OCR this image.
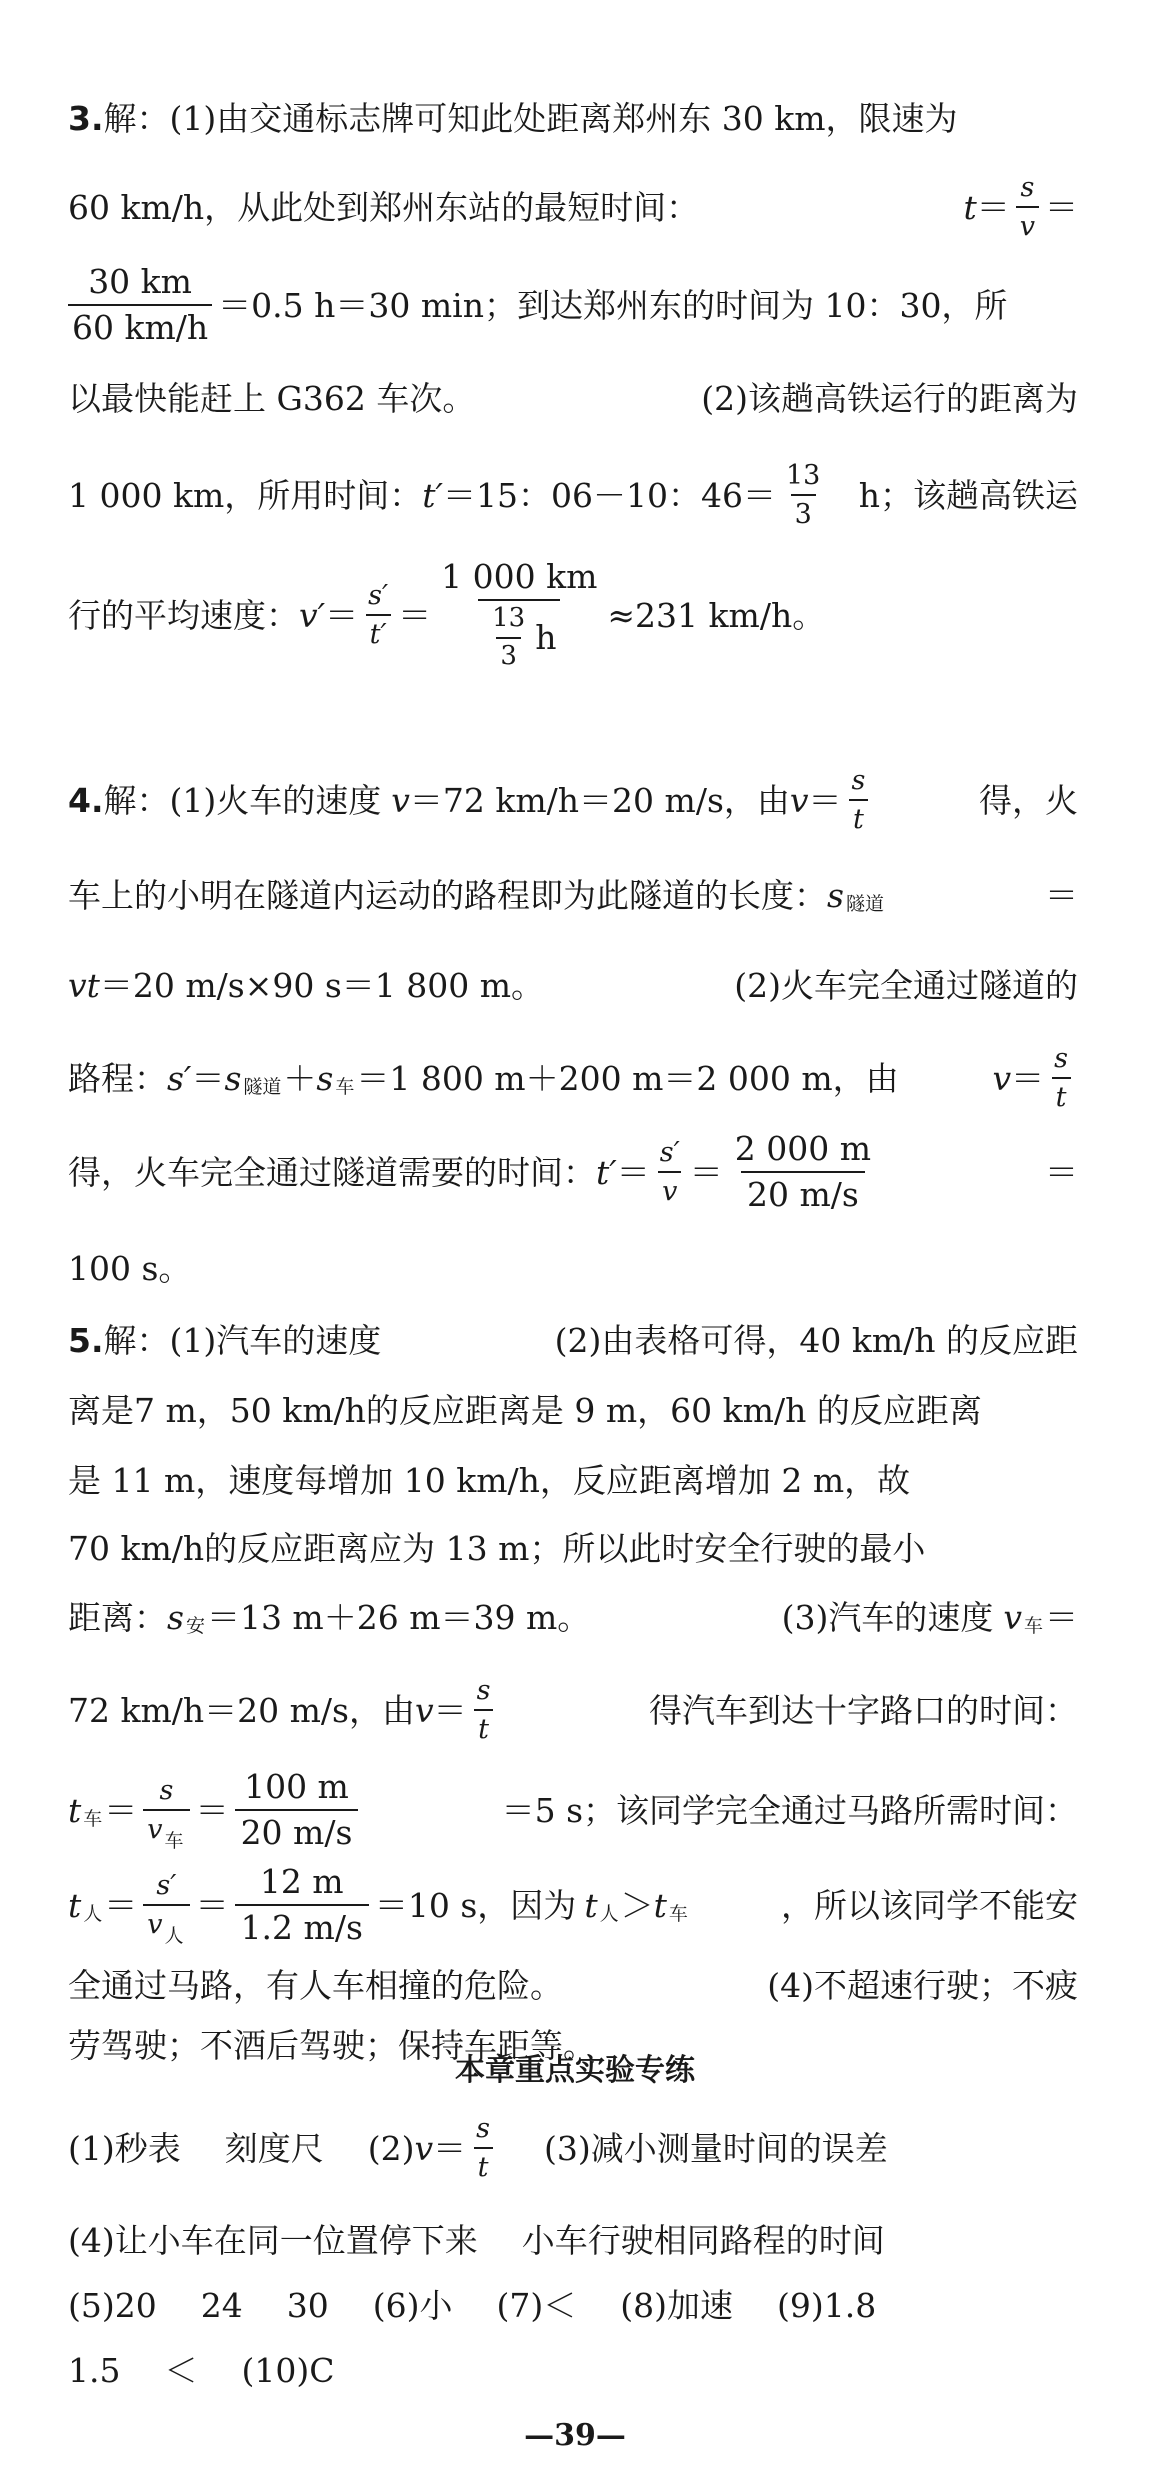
3. 解：(1)由交通标志牌可知此处距离郑州东 30 km，限速为
60 km/h，从此处到郑州东站的最短时间：	$t = \frac{s}{v}$ ＝
$\frac{30 km}{60 km/h} =0.5$ h＝30 min；到达郑州东的时间为 10：30，所
以最快能赶上 G362 车次。	(2)该趟高铁运行的距离为
1 000 km，所用时间： t′ ＝15：06－10：$46= \frac{13}{3}$ h；该趟高铁运
行的平均速度： $v' = \frac{s'}{t'} = \frac{1 000 km}{\frac{13}{3} h} \approx 231$ km/h。
4. 解：(1)火车的速度 v ＝72 km/h＝20 m/s，由 $v = \frac{s}{t}$	得，火
车上的小明在隧道内运动的路程即为此隧道的长度： s 隧道	＝
vt ＝20 m/s×90 s＝1 800 m。	(2)火车完全通过隧道的
路程： s′ ＝ s 隧道 ＋ s 车 ＝1 800 m＋200 m＝2 000 m，由	$v = \frac{s}{t}$
得，火车完全通过隧道需要的时间： $t' = \frac{s'}{v} = \frac{2 000 m}{20 m/s}$	＝
100 s。
5. 解：(1)汽车的速度	(2)由表格可得，40 km/h 的反应距
离是7 m，50 km/h的反应距离是 9 m，60 km/h 的反应距离
是 11 m，速度每增加 10 km/h，反应距离增加 2 m，故
70 km/h的反应距离应为 13 m；所以此时安全行驶的最小
距离： s 安 ＝13 m＋26 m＝39 m。	(3)汽车的速度 v 车 ＝
72 km/h＝20 m/s，由 $v = \frac{s}{t}$	得汽车到达十字路口的时间：
t 车 ＝ $\frac{s}{v _车} = \frac{100 m}{20 m/s}$	＝5 s；该同学完全通过马路所需时间：
t 人 ＝ $\frac{s'}{v _人} = \frac{12 m}{1.2 m/s} =10$ s，因为 t 人 ＞ t 车	，所以该同学不能安
全通过马路，有人车相撞的危险。	(4)不超速行驶；不疲
劳驾驶；不酒后驾驶；保持车距等。
本章重点实验专练
(1)秒表 刻度尺 (2) $v = \frac{s}{t} (3)$减小测量时间的误差
(4)让小车在同一位置停下来 小车行驶相同路程的时间
(5)20 24 30 (6)小 (7)＜ (8)加速 (9)1.8
1.5 ＜ (10)C
—39—
